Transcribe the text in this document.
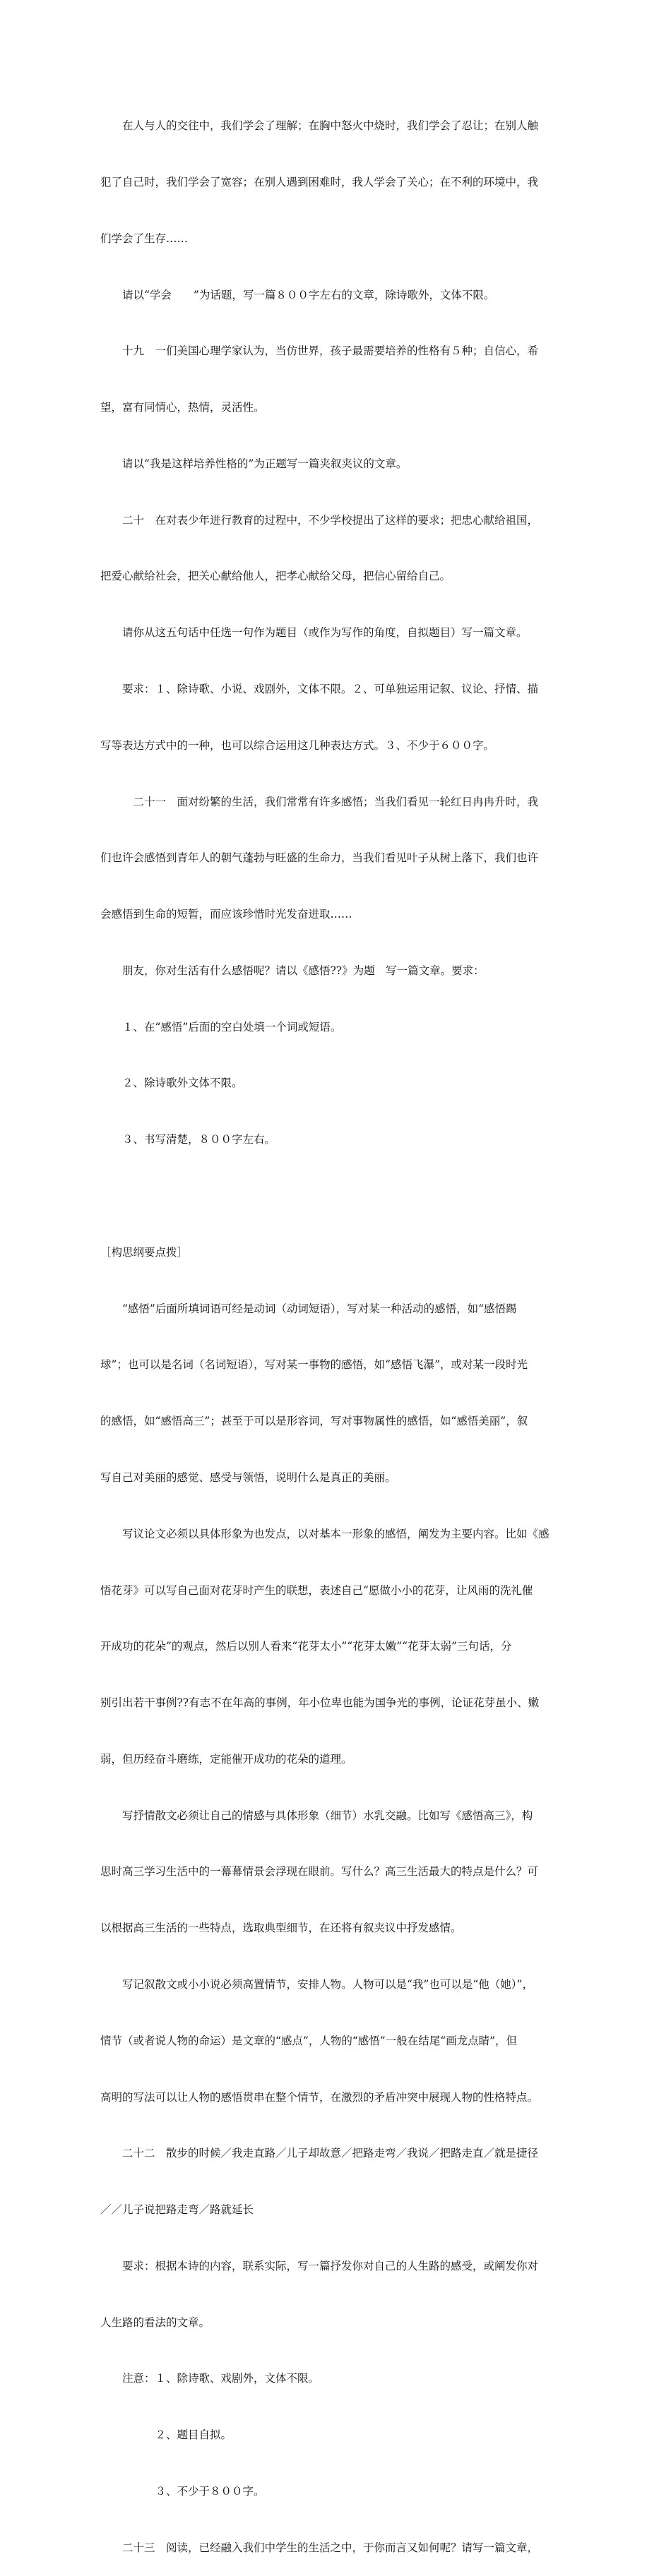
　　在人与人的交往中，我们学会了理解；在胸中怒火中烧时，我们学会了忍让；在别人触

犯了自己时，我们学会了宽容；在别人遇到困难时，我人学会了关心；在不利的环境中，我

们学会了生存……

　　请以“学会　　”为话题，写一篇８００字左右的文章，除诗歌外，文体不限。

　　十九　一们美国心理学家认为，当仿世界，孩子最需要培养的性格有５种；自信心，希

望，富有同情心，热情，灵活性。

　　请以“我是这样培养性格的”为正题写一篇夹叙夹议的文章。

　　二十　在对表少年进行教育的过程中，不少学校提出了这样的要求；把忠心献给祖国，

把爱心献给社会，把关心献给他人，把孝心献给父母，把信心留给自己。

　　请你从这五句话中任选一句作为题目（或作为写作的角度，自拟题目）写一篇文章。

　　要求：１、除诗歌、小说、戏剧外，文体不限。２、可单独运用记叙、议论、抒情、描

写等表达方式中的一种，也可以综合运用这几种表达方式。３、不少于６００字。

　　　二十一　面对纷繁的生活，我们常常有许多感悟；当我们看见一轮红日冉冉升时，我

们也许会感悟到青年人的朝气蓬勃与旺盛的生命力，当我们看见叶子从树上落下，我们也许

会感悟到生命的短暂，而应该珍惜时光发奋进取……

　　朋友，你对生活有什么感悟呢？请以《感悟??》为题　写一篇文章。要求：

　　１、在“感悟”后面的空白处填一个词或短语。

　　２、除诗歌外文体不限。

　　３、书写清楚，８００字左右。

［构思纲要点拨］

　　“感悟”后面所填词语可经是动词（动词短语），写对某一种活动的感悟，如“感悟踢

球”；也可以是名词（名词短语），写对某一事物的感悟，如“感悟飞瀑”，或对某一段时光

的感悟，如“感悟高三”；甚至于可以是形容词，写对事物属性的感悟，如“感悟美丽”，叙

写自己对美丽的感觉、感受与领悟，说明什么是真正的美丽。

　　写议论文必须以具体形象为也发点，以对基本一形象的感悟，阐发为主要内容。比如《感

悟花芽》可以写自己面对花芽时产生的联想，表述自己“愿做小小的花芽，让风雨的洗礼催

开成功的花朵”的观点，然后以别人看来“花芽太小”“花芽太嫩”“花芽太弱”三句话，分

别引出若干事例??有志不在年高的事例，年小位卑也能为国争光的事例，论证花芽虽小、嫩

弱，但历经奋斗磨练，定能催开成功的花朵的道理。

　　写抒情散文必须让自己的情感与具体形象（细节）水乳交融。比如写《感悟高三》，构

思时高三学习生活中的一幕幕情景会浮现在眼前。写什么？高三生活最大的特点是什么？可

以根据高三生活的一些特点，选取典型细节，在还将有叙夹议中抒发感情。

　　写记叙散文或小小说必须高置情节，安排人物。人物可以是“我”也可以是“他（她）”，

情节（或者说人物的命运）是文章的“感点”，人物的“感悟”一般在结尾“画龙点睛”，但

高明的写法可以让人物的感悟贯串在整个情节，在激烈的矛盾冲突中展现人物的性格特点。

　　二十二　散步的时候／我走直路／儿子却故意／把路走弯／我说／把路走直／就是捷径

／／儿子说把路走弯／路就延长

　　要求：根据本诗的内容，联系实际，写一篇抒发你对自己的人生路的感受，或阐发你对

人生路的看法的文章。

　　注意：１、除诗歌、戏剧外，文体不限。

　　　　　２、题目自拟。

　　　　　３、不少于８００字。

　　二十三　阅读，已经融入我们中学生的生活之中，于你而言又如何呢？请写一篇文章，
